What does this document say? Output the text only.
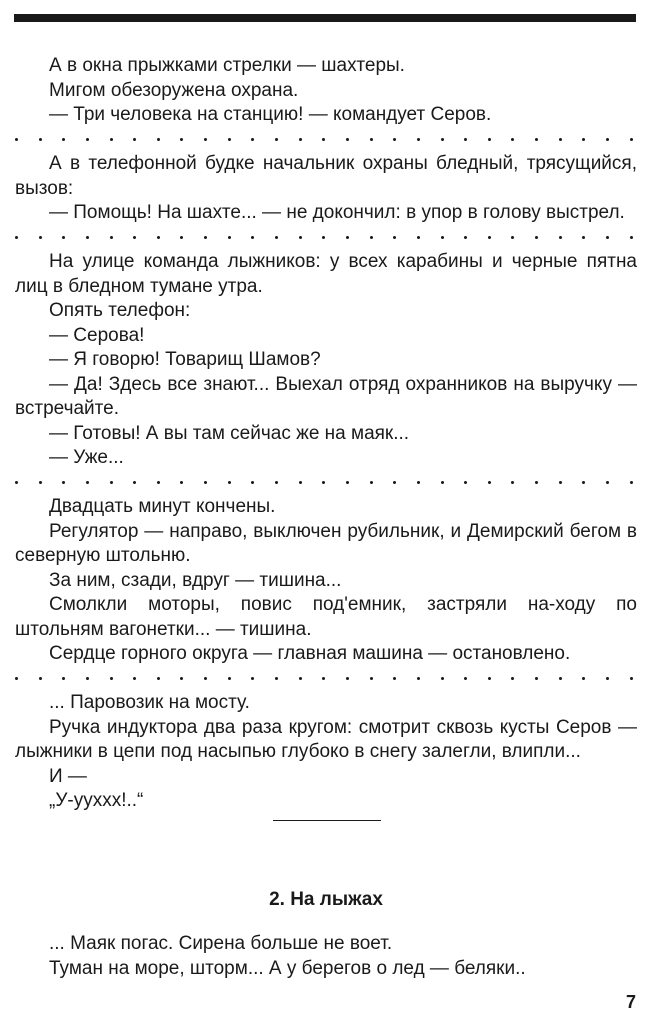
А в окна прыжками стрелки — шахтеры.

Мигом обезоружена охрана.

— Три человека на станцию! — командует Серов.

А в телефонной будке начальник охраны бледный, трясущийся, вызов:

— Помощь! На шахте... — не докончил: в упор в голову выстрел.

На улице команда лыжников: у всех карабины и черные пятна лиц в бледном тумане утра.

Опять телефон:

— Серова!

— Я говорю! Товарищ Шамов?

— Да! Здесь все знают... Выехал отряд охранников на выручку — встречайте.

— Готовы! А вы там сейчас же на маяк...

— Уже...

Двадцать минут кончены.

Регулятор — направо, выключен рубильник, и Демирский бегом в северную штольню.

За ним, сзади, вдруг — тишина...

Смолкли моторы, повис под'емник, застряли на-ходу по штольням вагонетки... — тишина.

Сердце горного округа — главная машина — остановлено.

... Паровозик на мосту.

Ручка индуктора два раза кругом: смотрит сквозь кусты Серов — лыжники в цепи под насыпью глубоко в снегу залегли, влипли...

И —

„У-ууххх!..“

2. На лыжах

... Маяк погас. Сирена больше не воет.

Туман на море, шторм... А у берегов о лед — беляки..

7
